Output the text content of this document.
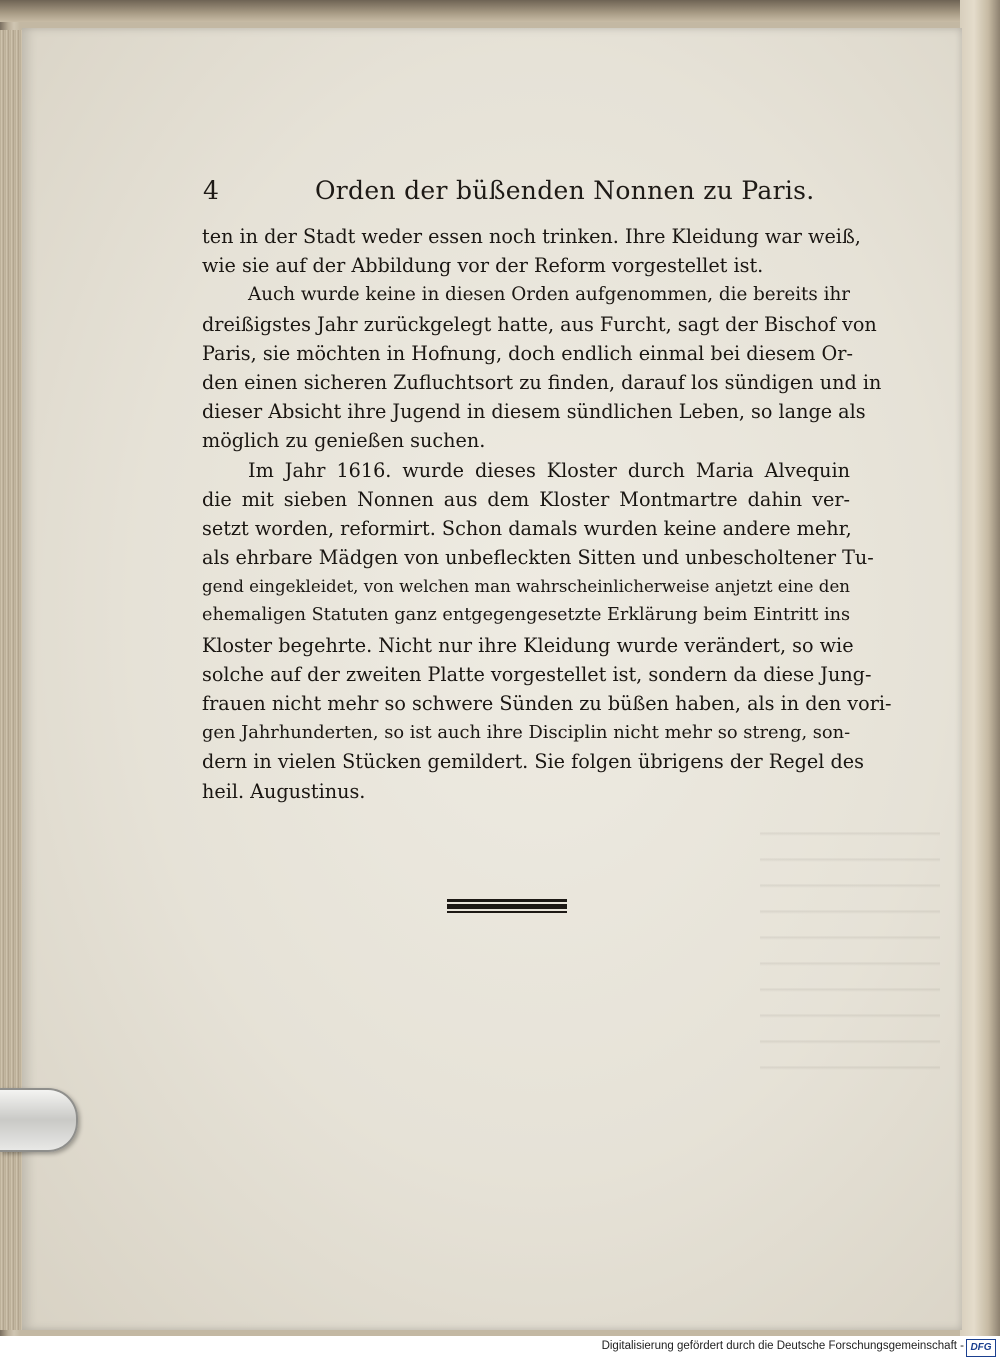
4	Orden der büßenden Nonnen zu Paris.
ten in der Stadt weder essen noch trinken. Ihre Kleidung war weiß,
wie sie auf der Abbildung vor der Reform vorgestellet ist.
Auch wurde keine in diesen Orden aufgenommen, die bereits ihr
dreißigstes Jahr zurückgelegt hatte, aus Furcht, sagt der Bischof von
Paris, sie möchten in Hofnung, doch endlich einmal bei diesem Or-
den einen sicheren Zufluchtsort zu finden, darauf los sündigen und in
dieser Absicht ihre Jugend in diesem sündlichen Leben, so lange als
möglich zu genießen suchen.
Im Jahr 1616. wurde dieses Kloster durch Maria Alvequin
die mit sieben Nonnen aus dem Kloster Montmartre dahin ver-
setzt worden, reformirt. Schon damals wurden keine andere mehr,
als ehrbare Mädgen von unbefleckten Sitten und unbescholtener Tu-
gend eingekleidet, von welchen man wahrscheinlicherweise anjetzt eine den
ehemaligen Statuten ganz entgegengesetzte Erklärung beim Eintritt ins
Kloster begehrte. Nicht nur ihre Kleidung wurde verändert, so wie
solche auf der zweiten Platte vorgestellet ist, sondern da diese Jung-
frauen nicht mehr so schwere Sünden zu büßen haben, als in den vori-
gen Jahrhunderten, so ist auch ihre Disciplin nicht mehr so streng, son-
dern in vielen Stücken gemildert. Sie folgen übrigens der Regel des
heil. Augustinus.
Digitalisierung gefördert durch die Deutsche Forschungsgemeinschaft - DFG
